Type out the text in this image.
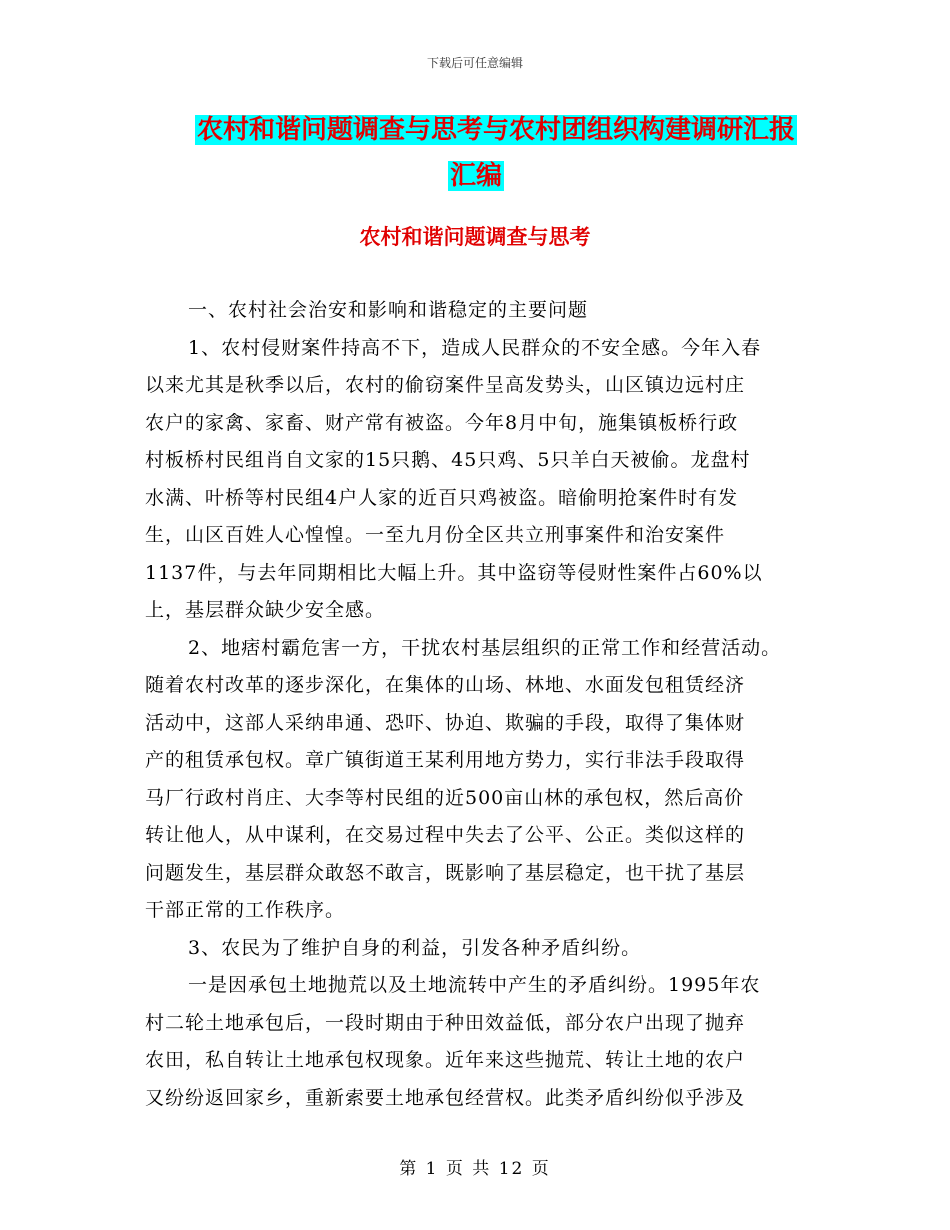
下载后可任意编辑
农村和谐问题调查与思考与农村团组织构建调研汇报
汇编
农村和谐问题调查与思考
一、农村社会治安和影响和谐稳定的主要问题
1、农村侵财案件持高不下，造成人民群众的不安全感。今年入春
以来尤其是秋季以后，农村的偷窃案件呈高发势头，山区镇边远村庄
农户的家禽、家畜、财产常有被盗。今年8月中旬，施集镇板桥行政
村板桥村民组肖自文家的15只鹅、45只鸡、5只羊白天被偷。龙盘村
水满、叶桥等村民组4户人家的近百只鸡被盗。暗偷明抢案件时有发
生，山区百姓人心惶惶。一至九月份全区共立刑事案件和治安案件
1137件，与去年同期相比大幅上升。其中盗窃等侵财性案件占60%以
上，基层群众缺少安全感。
2、地痞村霸危害一方，干扰农村基层组织的正常工作和经营活动。
随着农村改革的逐步深化，在集体的山场、林地、水面发包租赁经济
活动中，这部人采纳串通、恐吓、协迫、欺骗的手段，取得了集体财
产的租赁承包权。章广镇街道王某利用地方势力，实行非法手段取得
马厂行政村肖庄、大李等村民组的近500亩山林的承包权，然后高价
转让他人，从中谋利，在交易过程中失去了公平、公正。类似这样的
问题发生，基层群众敢怒不敢言，既影响了基层稳定，也干扰了基层
干部正常的工作秩序。
3、农民为了维护自身的利益，引发各种矛盾纠纷。
一是因承包土地抛荒以及土地流转中产生的矛盾纠纷。1995年农
村二轮土地承包后，一段时期由于种田效益低，部分农户出现了抛弃
农田，私自转让土地承包权现象。近年来这些抛荒、转让土地的农户
又纷纷返回家乡，重新索要土地承包经营权。此类矛盾纠纷似乎涉及
第 1 页 共 12 页
